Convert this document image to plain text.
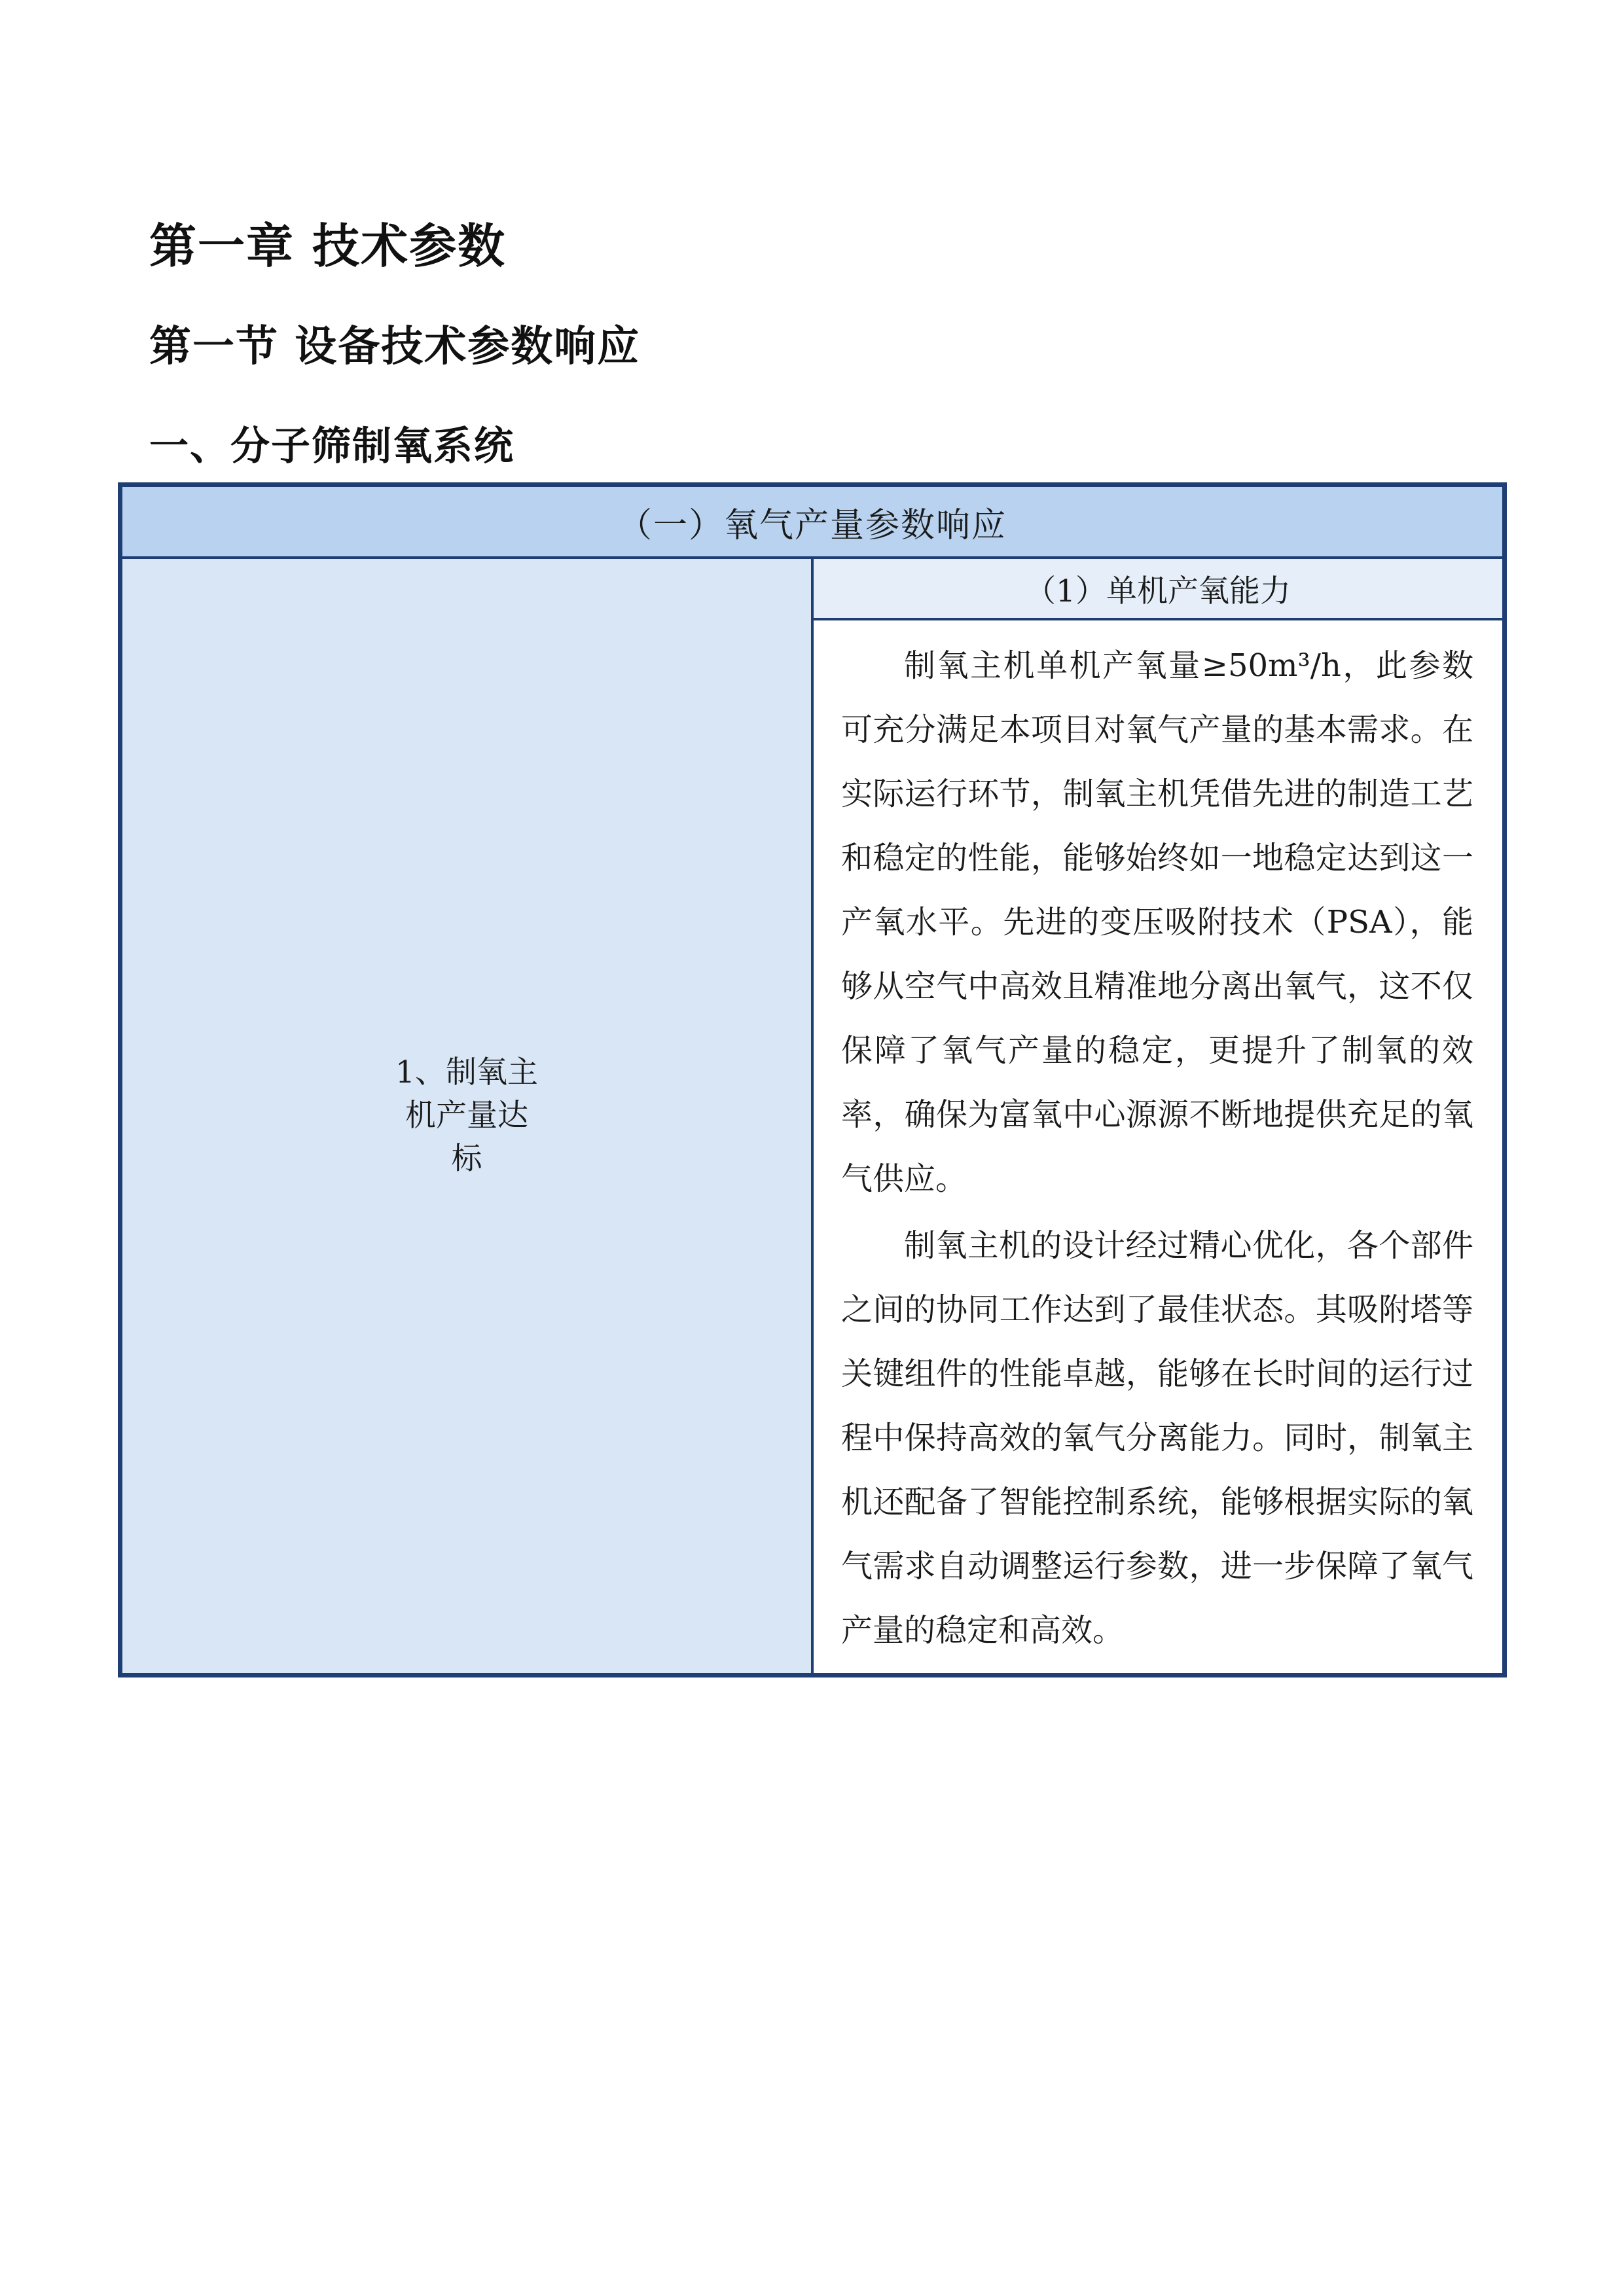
第一章 技术参数
第一节 设备技术参数响应
一、分子筛制氧系统
（一）氧气产量参数响应

1、制氧主
机产量达
标
	（1）单机产氧能力

制氧主机单机产氧量≥50m³/h，此参数可充分满足本项目对氧气产量的基本需求。在实际运行环节，制氧主机凭借先进的制造工艺和稳定的性能，能够始终如一地稳定达到这一产氧水平。先进的变压吸附技术（PSA），能够从空气中高效且精准地分离出氧气，这不仅保障了氧气产量的稳定，更提升了制氧的效率，确保为富氧中心源源不断地提供充足的氧气供应。

制氧主机的设计经过精心优化，各个部件之间的协同工作达到了最佳状态。其吸附塔等关键组件的性能卓越，能够在长时间的运行过程中保持高效的氧气分离能力。同时，制氧主机还配备了智能控制系统，能够根据实际的氧气需求自动调整运行参数，进一步保障了氧气产量的稳定和高效。
